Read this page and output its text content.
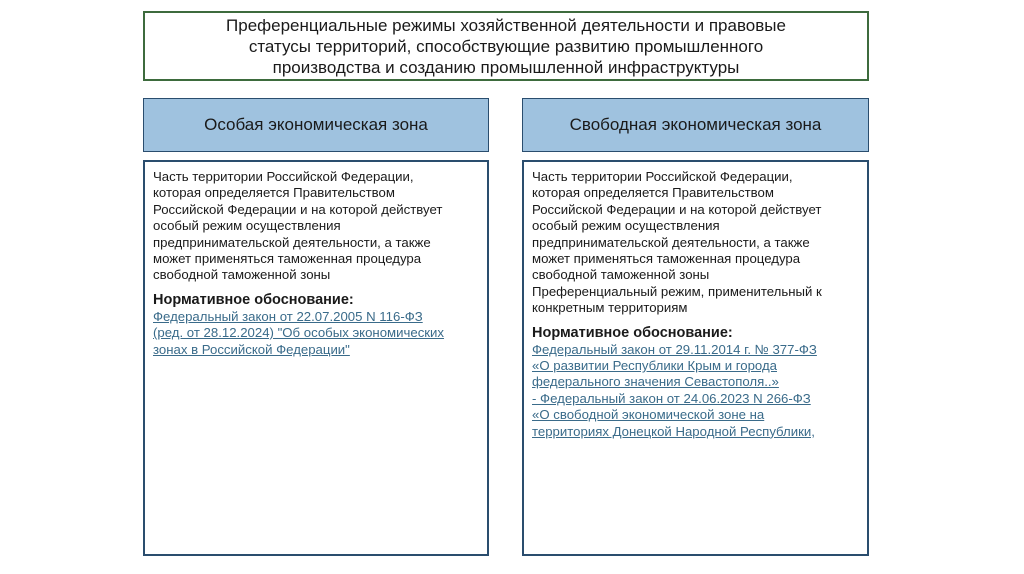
Преференциальные режимы хозяйственной деятельности и правовые
статусы территорий, способствующие развитию промышленного
производства и созданию промышленной инфраструктуры
Особая экономическая зона	Свободная экономическая зона

Часть территории Российской Федерации,

которая определяется Правительством

Российской Федерации и на которой действует

особый режим осуществления

предпринимательской деятельности, а также

может применяться таможенная процедура

свободной таможенной зоны

Нормативное обоснование:

Федеральный закон от 22.07.2005 N 116-ФЗ
(ред. от 28.12.2024) "Об особых экономических
зонах в Российской Федерации"

Часть территории Российской Федерации,

которая определяется Правительством

Российской Федерации и на которой действует

особый режим осуществления

предпринимательской деятельности, а также

может применяться таможенная процедура

свободной таможенной зоны

Преференциальный режим, применительный к

конкретным территориям

Нормативное обоснование:

Федеральный закон от 29.11.2014 г. № 377-ФЗ
«О развитии Республики Крым и города
федерального значения Севастополя..»
- Федеральный закон от 24.06.2023 N 266-ФЗ
«О свободной экономической зоне на
территориях Донецкой Народной Республики,
